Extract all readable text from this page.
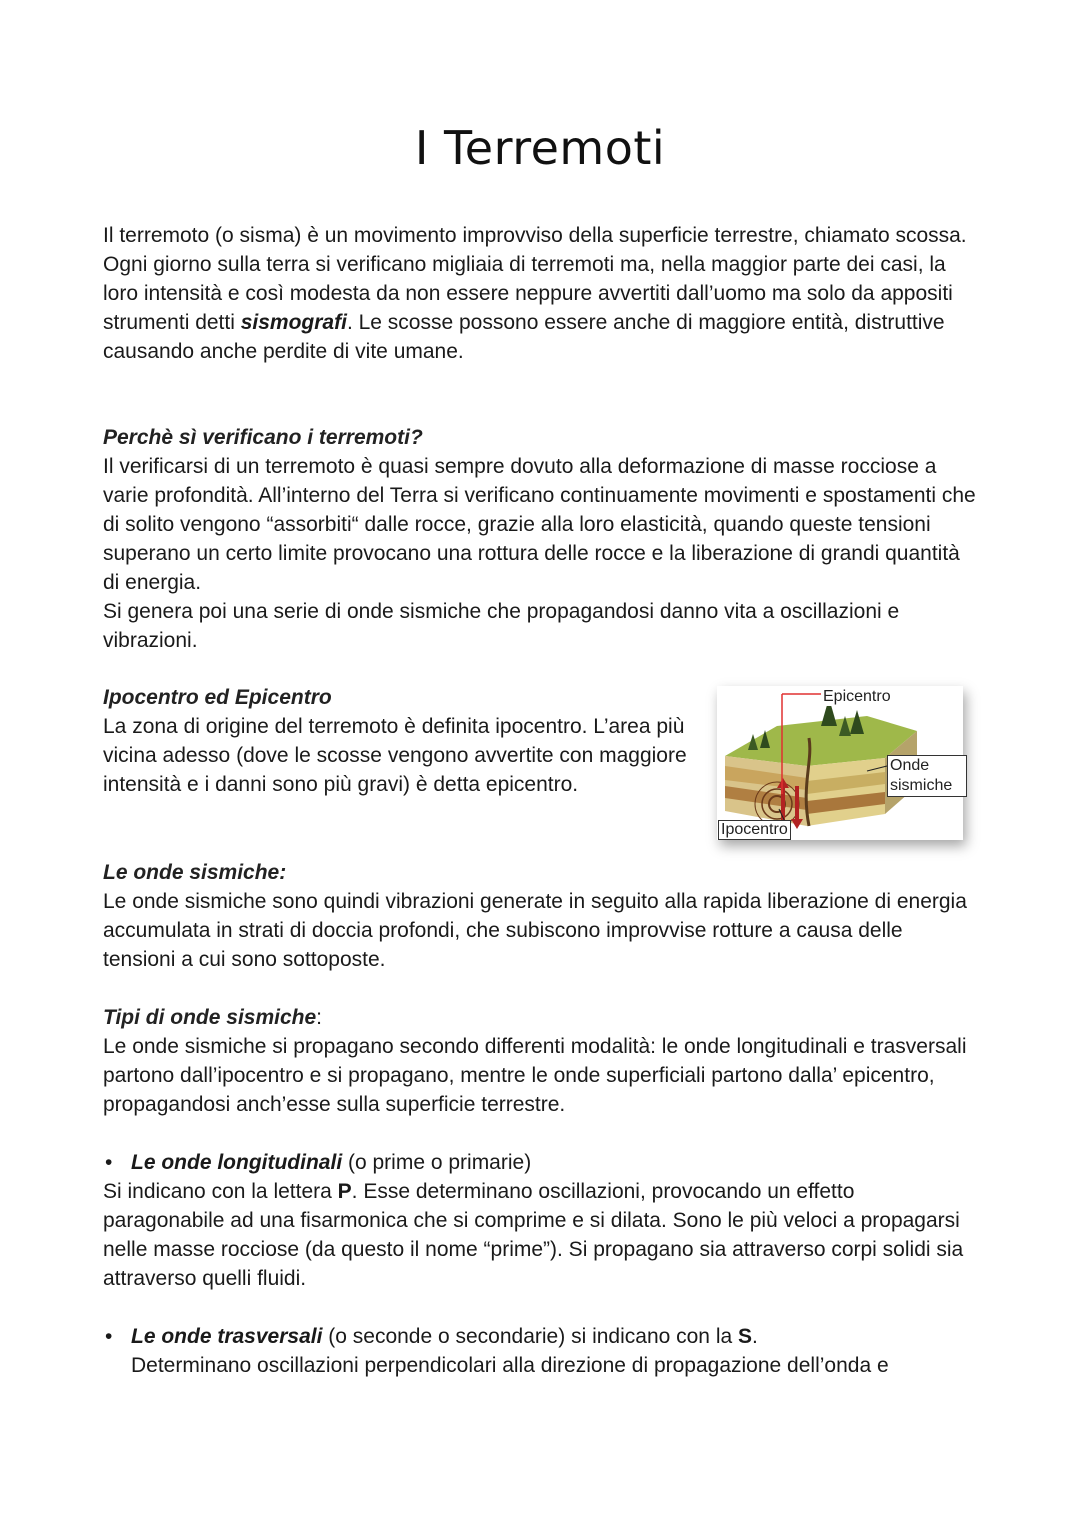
I Terremoti

Il terremoto (o sisma) è un movimento improvviso della superficie terrestre, chiamato scossa. Ogni giorno sulla terra si verificano migliaia di terremoti ma, nella maggior parte dei casi, la loro intensità e così modesta da non essere neppure avvertiti dall’uomo ma solo da appositi strumenti detti sismografi. Le scosse possono essere anche di maggiore entità, distruttive causando anche perdite di vite umane.

Perchè sì verificano i terremoti?

Il verificarsi di un terremoto è quasi sempre dovuto alla deformazione di masse rocciose a varie profondità. All’interno del Terra si verificano continuamente movimenti e spostamenti che di solito vengono “assorbiti“ dalle rocce, grazie alla loro elasticità, quando queste tensioni superano un certo limite provocano una rottura delle rocce e la liberazione di grandi quantità di energia.

Si genera poi una serie di onde sismiche che propagandosi danno vita a oscillazioni e vibrazioni.

Ipocentro ed Epicentro

La zona di origine del terremoto è definita ipocentro. L’area più vicina adesso (dove le scosse vengono avvertite con maggiore intensità e i danni sono più gravi) è detta epicentro.

Epicentro
Onde sismiche
Ipocentro
Le onde sismiche:

Le onde sismiche sono quindi vibrazioni generate in seguito alla rapida liberazione di energia accumulata in strati di doccia profondi, che subiscono improvvise rotture a causa delle tensioni a cui sono sottoposte.

Tipi di onde sismiche:

Le onde sismiche si propagano secondo differenti modalità: le onde longitudinali e trasversali partono dall’ipocentro e si propagano, mentre le onde superficiali partono dalla’ epicentro, propagandosi anch’esse sulla superficie terrestre.

• Le onde longitudinali (o prime o primarie)

Si indicano con la lettera P. Esse determinano oscillazioni, provocando un effetto paragonabile ad una fisarmonica che si comprime e si dilata. Sono le più veloci a propagarsi nelle masse rocciose (da questo il nome “prime”). Si propagano sia attraverso corpi solidi sia attraverso quelli fluidi.

• Le onde trasversali (o seconde o secondarie) si indicano con la S.

Determinano oscillazioni perpendicolari alla direzione di propagazione dell’onda e
